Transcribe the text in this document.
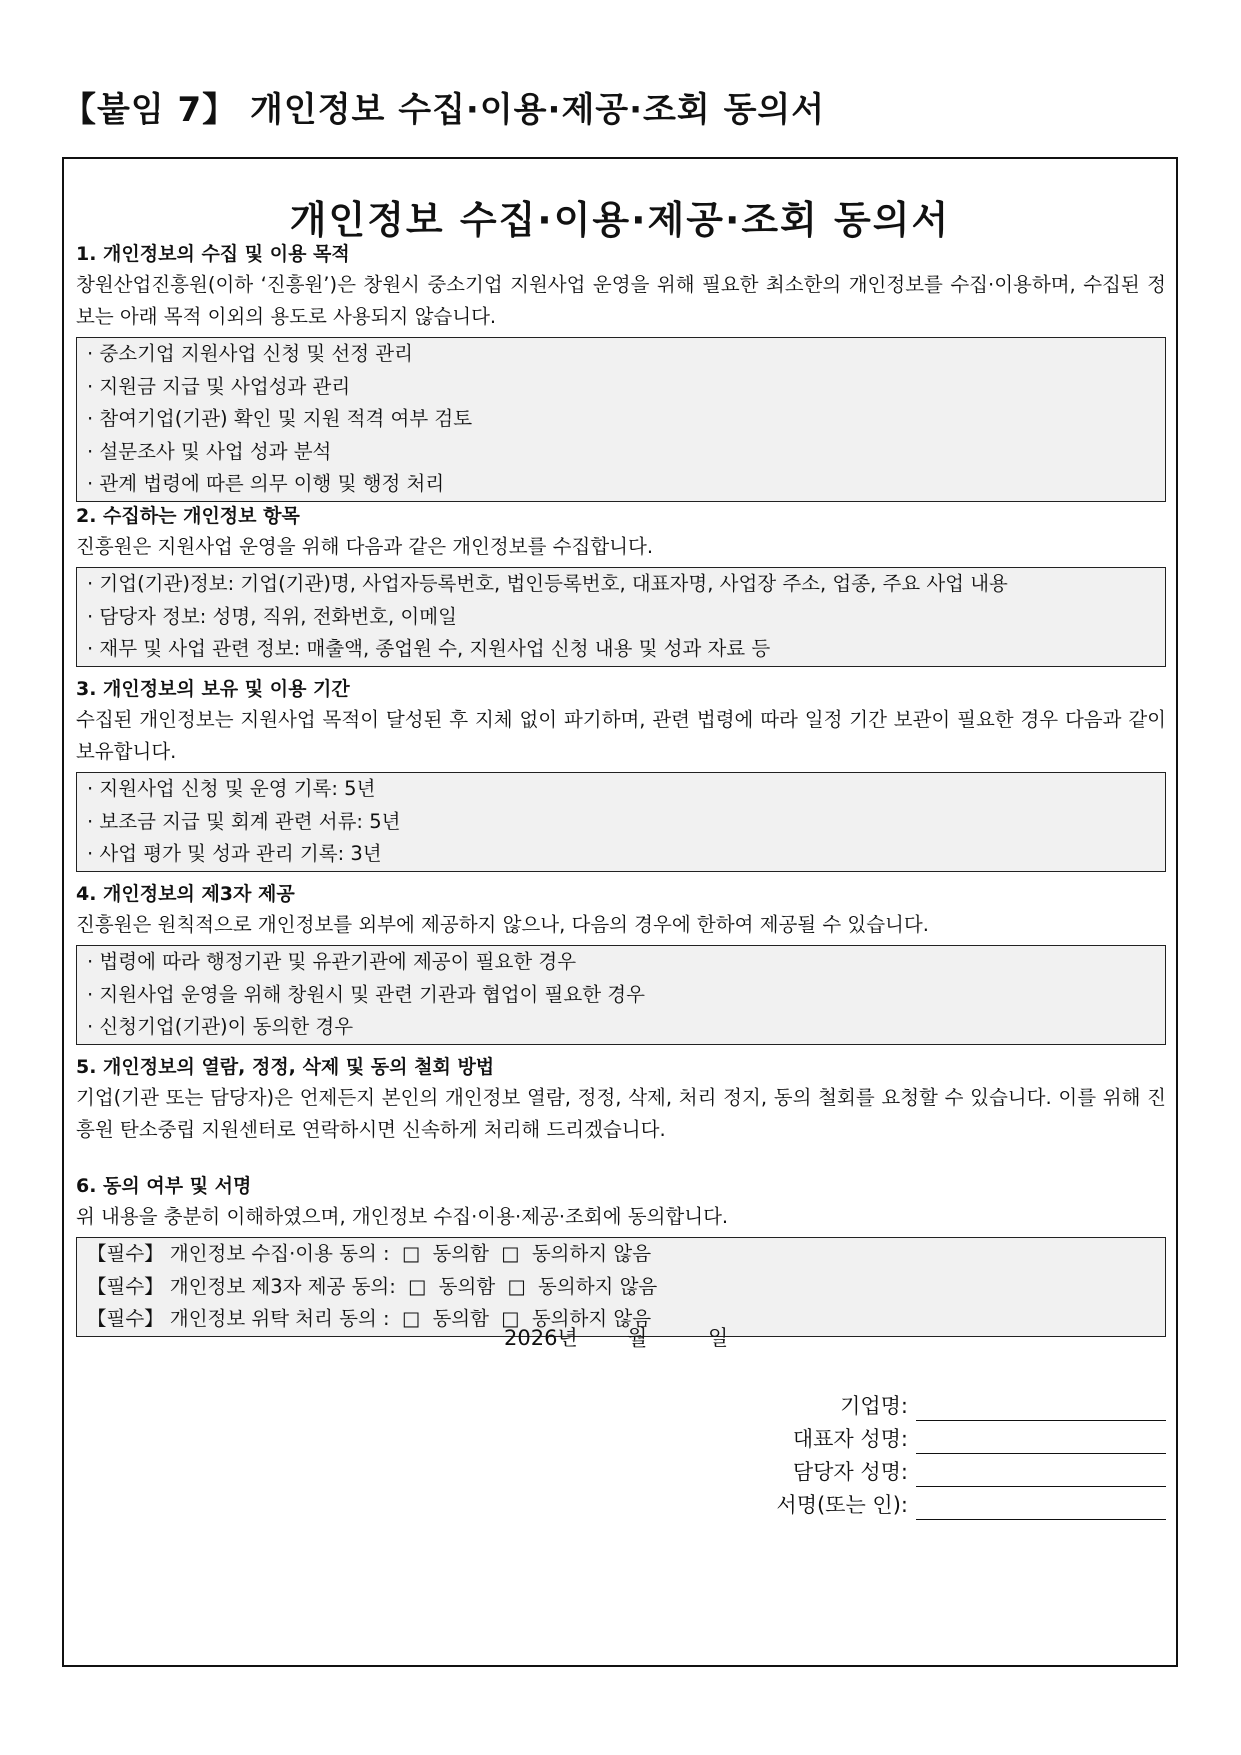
【붙임 7】 개인정보 수집·이용·제공·조회 동의서
개인정보 수집·이용·제공·조회 동의서
1. 개인정보의 수집 및 이용 목적

창원산업진흥원(이하 ‘진흥원’)은 창원시 중소기업 지원사업 운영을 위해 필요한 최소한의 개인정보를 수집·이용하며, 수집된 정보는 아래 목적 이외의 용도로 사용되지 않습니다.

· 중소기업 지원사업 신청 및 선정 관리
· 지원금 지급 및 사업성과 관리
· 참여기업(기관) 확인 및 지원 적격 여부 검토
· 설문조사 및 사업 성과 분석
· 관계 법령에 따른 의무 이행 및 행정 처리
2. 수집하는 개인정보 항목

진흥원은 지원사업 운영을 위해 다음과 같은 개인정보를 수집합니다.

· 기업(기관)정보: 기업(기관)명, 사업자등록번호, 법인등록번호, 대표자명, 사업장 주소, 업종, 주요 사업 내용
· 담당자 정보: 성명, 직위, 전화번호, 이메일
· 재무 및 사업 관련 정보: 매출액, 종업원 수, 지원사업 신청 내용 및 성과 자료 등
3. 개인정보의 보유 및 이용 기간

수집된 개인정보는 지원사업 목적이 달성된 후 지체 없이 파기하며, 관련 법령에 따라 일정 기간 보관이 필요한 경우 다음과 같이 보유합니다.

· 지원사업 신청 및 운영 기록: 5년
· 보조금 지급 및 회계 관련 서류: 5년
· 사업 평가 및 성과 관리 기록: 3년
4. 개인정보의 제3자 제공

진흥원은 원칙적으로 개인정보를 외부에 제공하지 않으나, 다음의 경우에 한하여 제공될 수 있습니다.

· 법령에 따라 행정기관 및 유관기관에 제공이 필요한 경우
· 지원사업 운영을 위해 창원시 및 관련 기관과 협업이 필요한 경우
· 신청기업(기관)이 동의한 경우
5. 개인정보의 열람, 정정, 삭제 및 동의 철회 방법

기업(기관 또는 담당자)은 언제든지 본인의 개인정보 열람, 정정, 삭제, 처리 정지, 동의 철회를 요청할 수 있습니다. 이를 위해 진흥원 탄소중립 지원센터로 연락하시면 신속하게 처리해 드리겠습니다.

6. 동의 여부 및 서명

위 내용을 충분히 이해하였으며, 개인정보 수집·이용·제공·조회에 동의합니다.

【필수】 개인정보 수집·이용 동의 : □ 동의함 □ 동의하지 않음
【필수】 개인정보 제3자 제공 동의: □ 동의함 □ 동의하지 않음
【필수】 개인정보 위탁 처리 동의 : □ 동의함 □ 동의하지 않음
2026년 월	일
기업명:
대표자 성명:
담당자 성명:
서명(또는 인):
